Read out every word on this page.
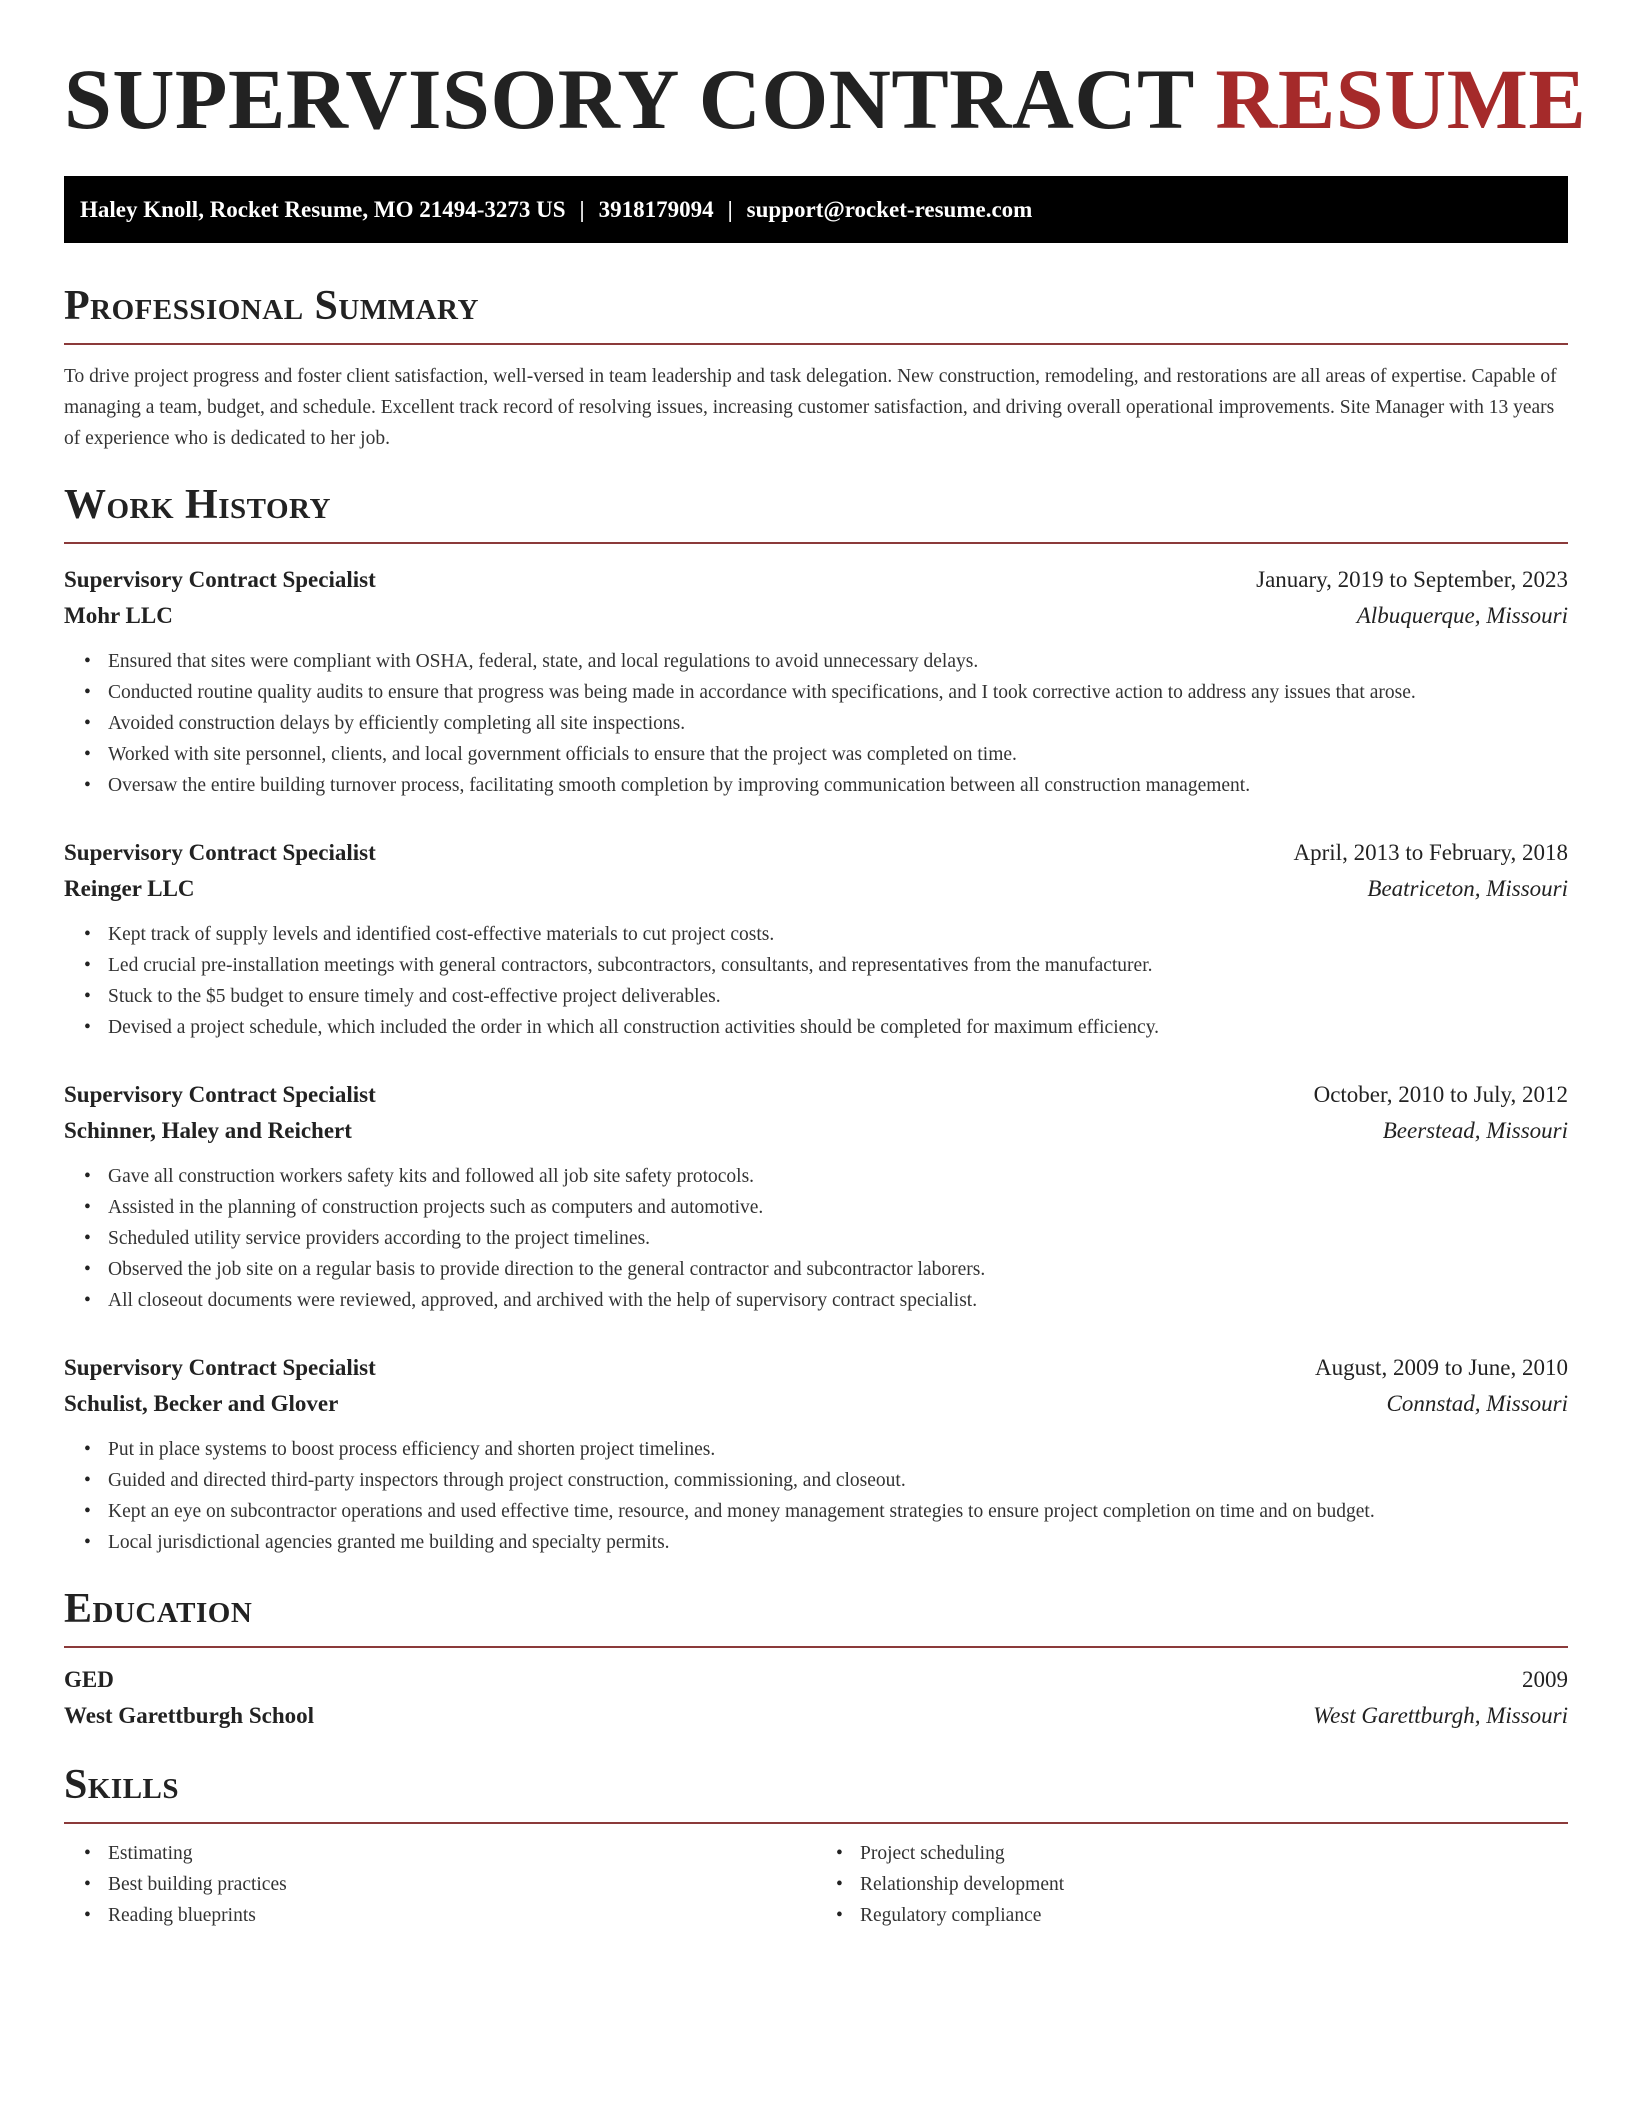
SUPERVISORY CONTRACT RESUME
Haley Knoll, Rocket Resume, MO 21494-3273 US | 3918179094 | support@rocket-resume.com
Professional Summary

To drive project progress and foster client satisfaction, well-versed in team leadership and task delegation. New construction, remodeling, and restorations are all areas of expertise. Capable of managing a team, budget, and schedule. Excellent track record of resolving issues, increasing customer satisfaction, and driving overall operational improvements. Site Manager with 13 years of experience who is dedicated to her job.

Work History
Supervisory Contract Specialist	January, 2019 to September, 2023
Mohr LLC	Albuquerque, Missouri
• Ensured that sites were compliant with OSHA, federal, state, and local regulations to avoid unnecessary delays.
• Conducted routine quality audits to ensure that progress was being made in accordance with specifications, and I took corrective action to address any issues that arose.
• Avoided construction delays by efficiently completing all site inspections.
• Worked with site personnel, clients, and local government officials to ensure that the project was completed on time.
• Oversaw the entire building turnover process, facilitating smooth completion by improving communication between all construction management.
Supervisory Contract Specialist	April, 2013 to February, 2018
Reinger LLC	Beatriceton, Missouri
• Kept track of supply levels and identified cost-effective materials to cut project costs.
• Led crucial pre-installation meetings with general contractors, subcontractors, consultants, and representatives from the manufacturer.
• Stuck to the $5 budget to ensure timely and cost-effective project deliverables.
• Devised a project schedule, which included the order in which all construction activities should be completed for maximum efficiency.
Supervisory Contract Specialist	October, 2010 to July, 2012
Schinner, Haley and Reichert	Beerstead, Missouri
• Gave all construction workers safety kits and followed all job site safety protocols.
• Assisted in the planning of construction projects such as computers and automotive.
• Scheduled utility service providers according to the project timelines.
• Observed the job site on a regular basis to provide direction to the general contractor and subcontractor laborers.
• All closeout documents were reviewed, approved, and archived with the help of supervisory contract specialist.
Supervisory Contract Specialist	August, 2009 to June, 2010
Schulist, Becker and Glover	Connstad, Missouri
• Put in place systems to boost process efficiency and shorten project timelines.
• Guided and directed third-party inspectors through project construction, commissioning, and closeout.
• Kept an eye on subcontractor operations and used effective time, resource, and money management strategies to ensure project completion on time and on budget.
• Local jurisdictional agencies granted me building and specialty permits.
Education
GED	2009
West Garettburgh School	West Garettburgh, Missouri
Skills
• Estimating
• Best building practices
• Reading blueprints
• Project scheduling
• Relationship development
• Regulatory compliance
